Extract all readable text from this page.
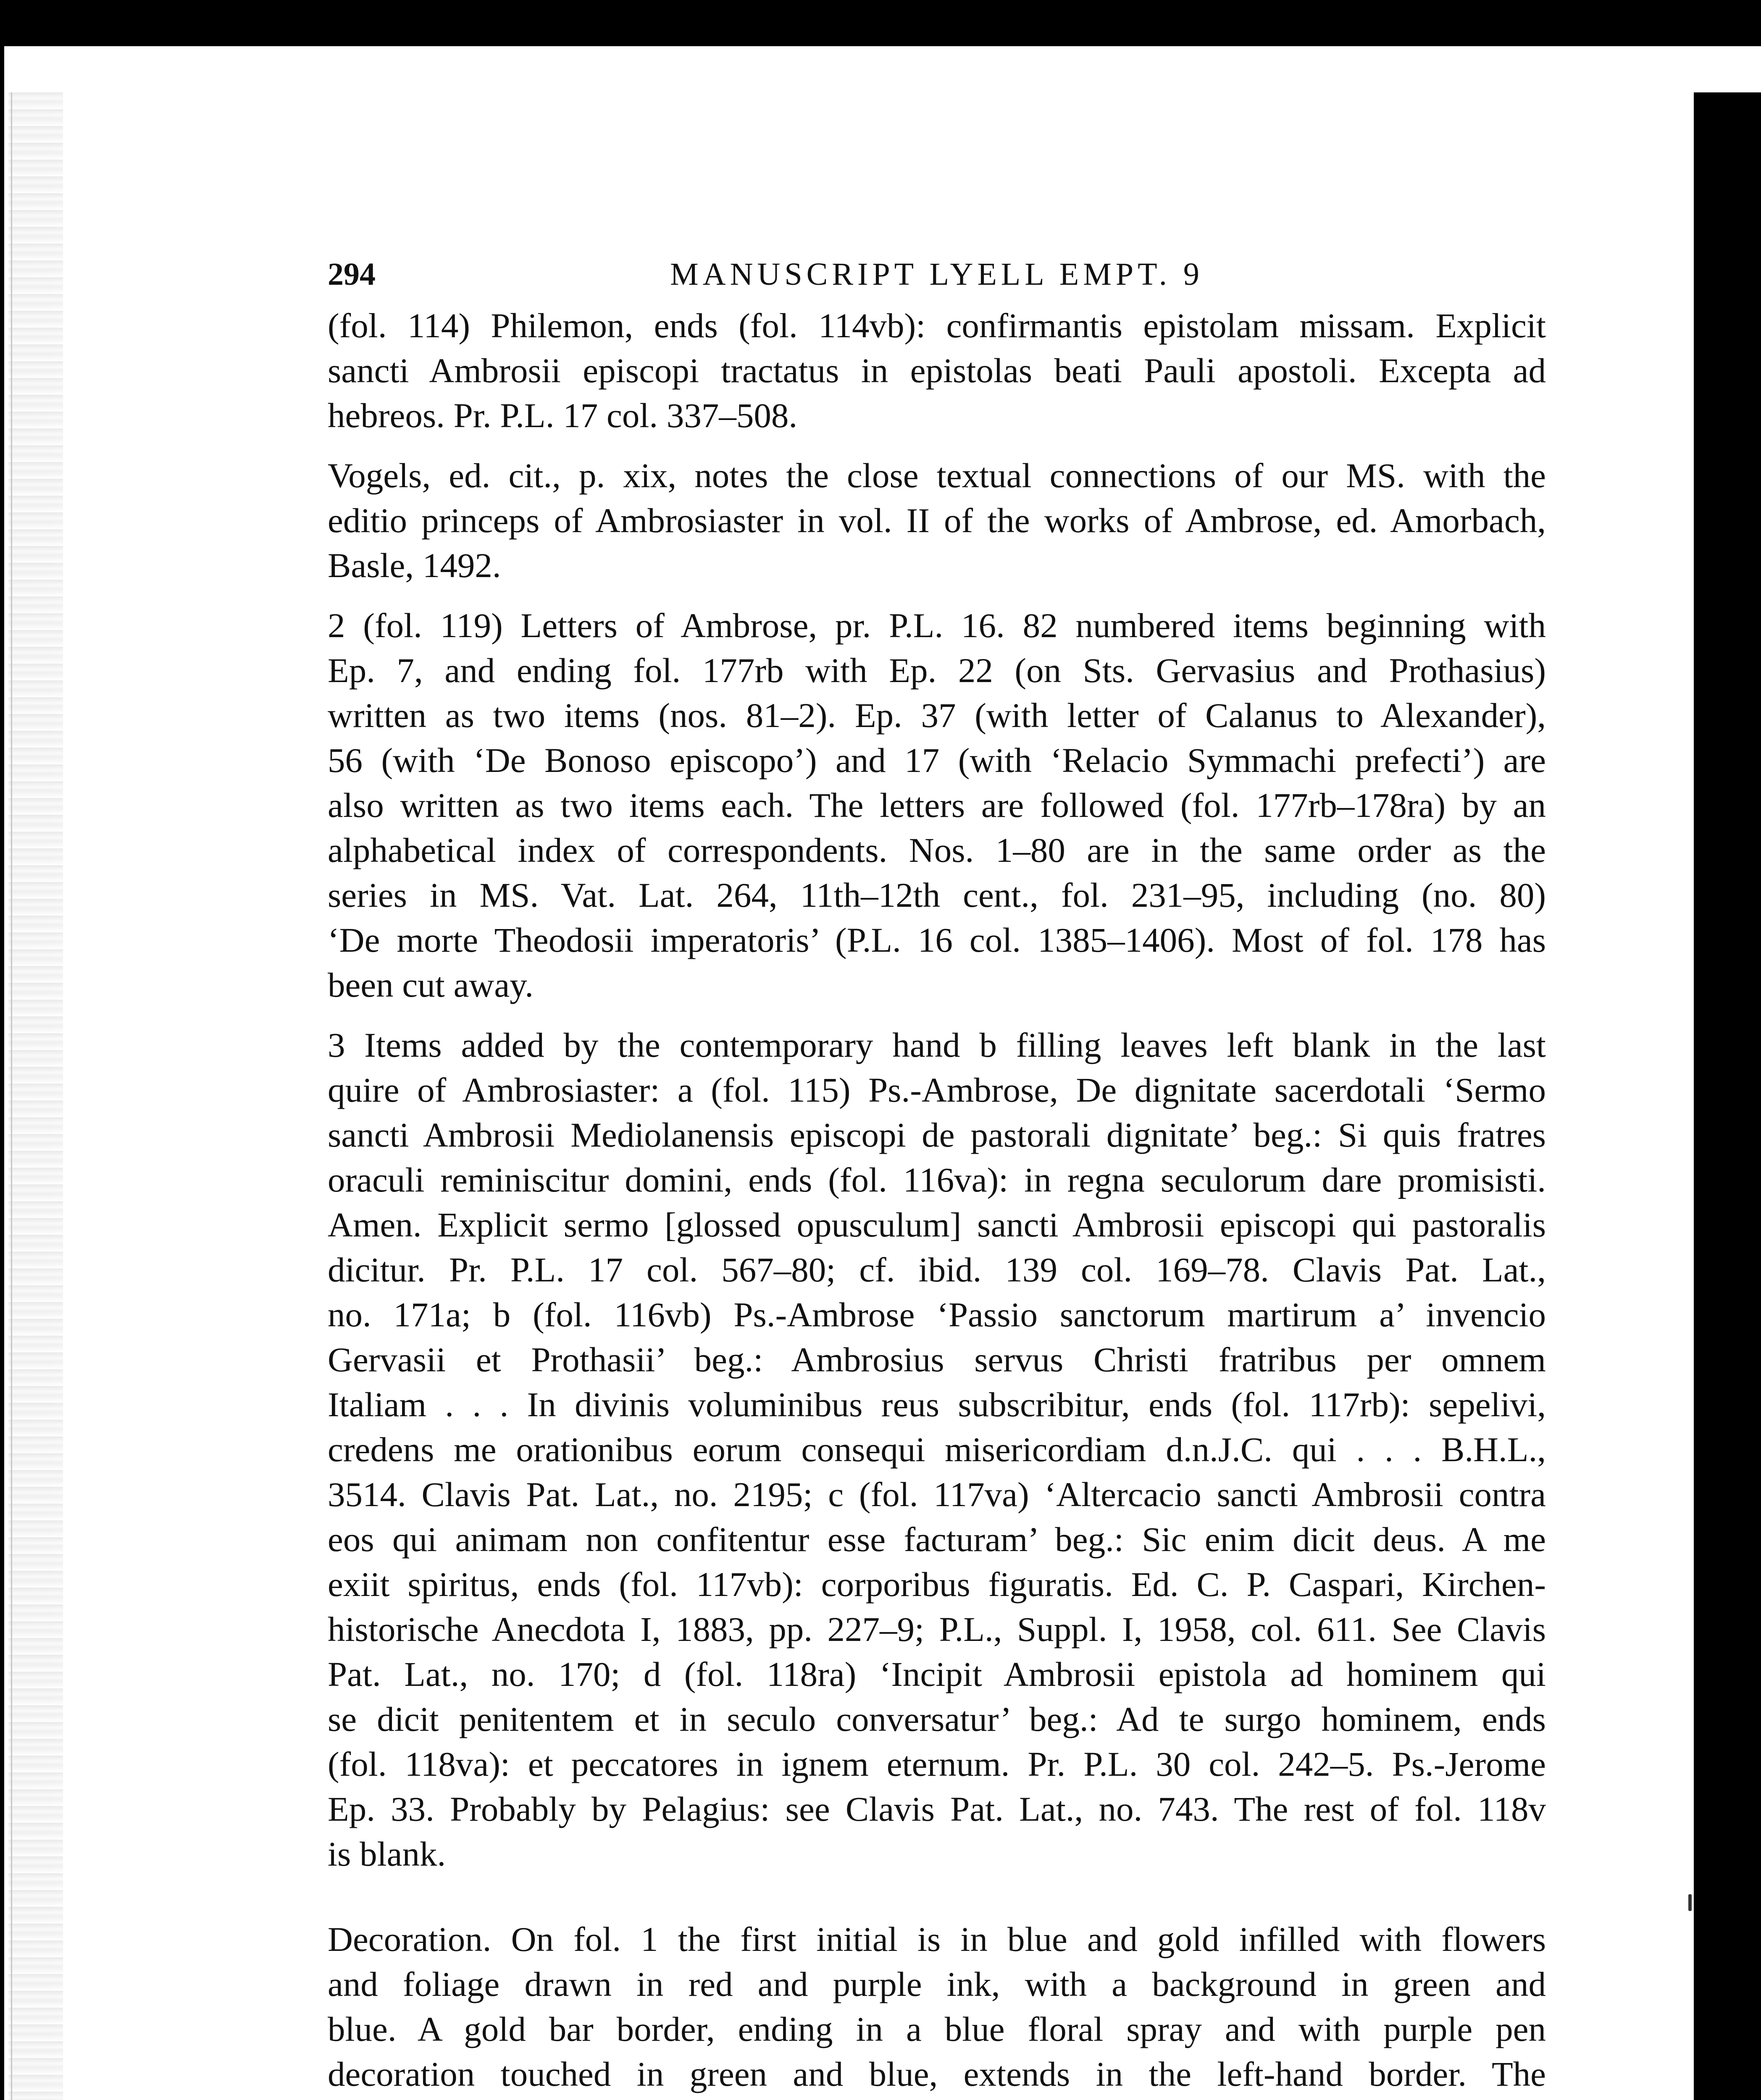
294	MANUSCRIPT LYELL EMPT. 9
(fol. 114) Philemon, ends (fol. 114vb): confirmantis epistolam missam. Explicit
sancti Ambrosii episcopi tractatus in epistolas beati Pauli apostoli. Excepta ad
hebreos. Pr. P.L. 17 col. 337–508.
Vogels, ed. cit., p. xix, notes the close textual connections of our MS. with the
editio princeps of Ambrosiaster in vol. II of the works of Ambrose, ed. Amorbach,
Basle, 1492.
2 (fol. 119) Letters of Ambrose, pr. P.L. 16. 82 numbered items beginning with
Ep. 7, and ending fol. 177rb with Ep. 22 (on Sts. Gervasius and Prothasius)
written as two items (nos. 81–2). Ep. 37 (with letter of Calanus to Alexander),
56 (with ‘De Bonoso episcopo’) and 17 (with ‘Relacio Symmachi prefecti’) are
also written as two items each. The letters are followed (fol. 177rb–178ra) by an
alphabetical index of correspondents. Nos. 1–80 are in the same order as the
series in MS. Vat. Lat. 264, 11th–12th cent., fol. 231–95, including (no. 80)
‘De morte Theodosii imperatoris’ (P.L. 16 col. 1385–1406). Most of fol. 178 has
been cut away.
3 Items added by the contemporary hand b filling leaves left blank in the last
quire of Ambrosiaster: a (fol. 115) Ps.-Ambrose, De dignitate sacerdotali ‘Sermo
sancti Ambrosii Mediolanensis episcopi de pastorali dignitate’ beg.: Si quis fratres
oraculi reminiscitur domini, ends (fol. 116va): in regna seculorum dare promisisti.
Amen. Explicit sermo [glossed opusculum] sancti Ambrosii episcopi qui pastoralis
dicitur. Pr. P.L. 17 col. 567–80; cf. ibid. 139 col. 169–78. Clavis Pat. Lat.,
no. 171a; b (fol. 116vb) Ps.-Ambrose ‘Passio sanctorum martirum a’ invencio
Gervasii et Prothasii’ beg.: Ambrosius servus Christi fratribus per omnem
Italiam . . . In divinis voluminibus reus subscribitur, ends (fol. 117rb): sepelivi,
credens me orationibus eorum consequi misericordiam d.n.J.C. qui . . . B.H.L.,
3514. Clavis Pat. Lat., no. 2195; c (fol. 117va) ‘Altercacio sancti Ambrosii contra
eos qui animam non confitentur esse facturam’ beg.: Sic enim dicit deus. A me
exiit spiritus, ends (fol. 117vb): corporibus figuratis. Ed. C. P. Caspari, Kirchen-
historische Anecdota I, 1883, pp. 227–9; P.L., Suppl. I, 1958, col. 611. See Clavis
Pat. Lat., no. 170; d (fol. 118ra) ‘Incipit Ambrosii epistola ad hominem qui
se dicit penitentem et in seculo conversatur’ beg.: Ad te surgo hominem, ends
(fol. 118va): et peccatores in ignem eternum. Pr. P.L. 30 col. 242–5. Ps.-Jerome
Ep. 33. Probably by Pelagius: see Clavis Pat. Lat., no. 743. The rest of fol. 118v
is blank.
Decoration. On fol. 1 the first initial is in blue and gold infilled with flowers
and foliage drawn in red and purple ink, with a background in green and
blue. A gold bar border, ending in a blue floral spray and with purple pen
decoration touched in green and blue, extends in the left-hand border. The
